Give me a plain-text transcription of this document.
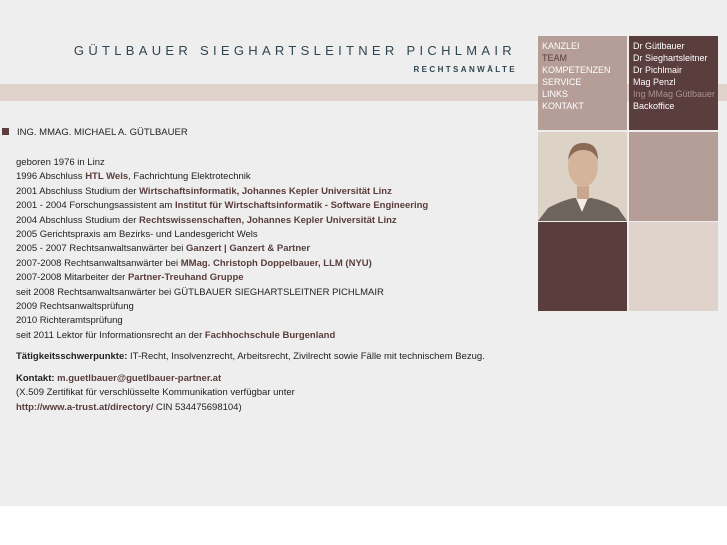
GÜTLBAUER SIEGHARTSLEITNER PICHLMAIR
RECHTSANWÄLTE
KANZLEI
TEAM
KOMPETENZEN
SERVICE
LINKS
KONTAKT
Dr Gütlbauer
Dr Sieghartsleitner
Dr Pichlmair
Mag Penzl
Ing MMag Gütlbauer
Backoffice
ING. MMAG. MICHAEL A. GÜTLBAUER
geboren 1976 in Linz
1996 Abschluss HTL Wels, Fachrichtung Elektrotechnik
2001 Abschluss Studium der Wirtschaftsinformatik, Johannes Kepler Universität Linz
2001 - 2004 Forschungsassistent am Institut für Wirtschaftsinformatik - Software Engineering
2004 Abschluss Studium der Rechtswissenschaften, Johannes Kepler Universität Linz
2005 Gerichtspraxis am Bezirks- und Landesgericht Wels
2005 - 2007 Rechtsanwaltsanwärter bei Ganzert | Ganzert & Partner
2007-2008 Rechtsanwaltsanwärter bei MMag. Christoph Doppelbauer, LLM (NYU)
2007-2008 Mitarbeiter der Partner-Treuhand Gruppe
seit 2008 Rechtsanwaltsanwärter bei GÜTLBAUER SIEGHARTSLEITNER PICHLMAIR
2009 Rechtsanwaltsprüfung
2010 Richteramtsprüfung
seit 2011 Lektor für Informationsrecht an der Fachhochschule Burgenland
Tätigkeitsschwerpunkte: IT-Recht, Insolvenzrecht, Arbeitsrecht, Zivilrecht sowie Fälle mit technischem Bezug.
Kontakt: m.guetlbauer@guetlbauer-partner.at
(X.509 Zertifikat für verschlüsselte Kommunikation verfügbar unter
http://www.a-trust.at/directory/ CIN 534475698104)
